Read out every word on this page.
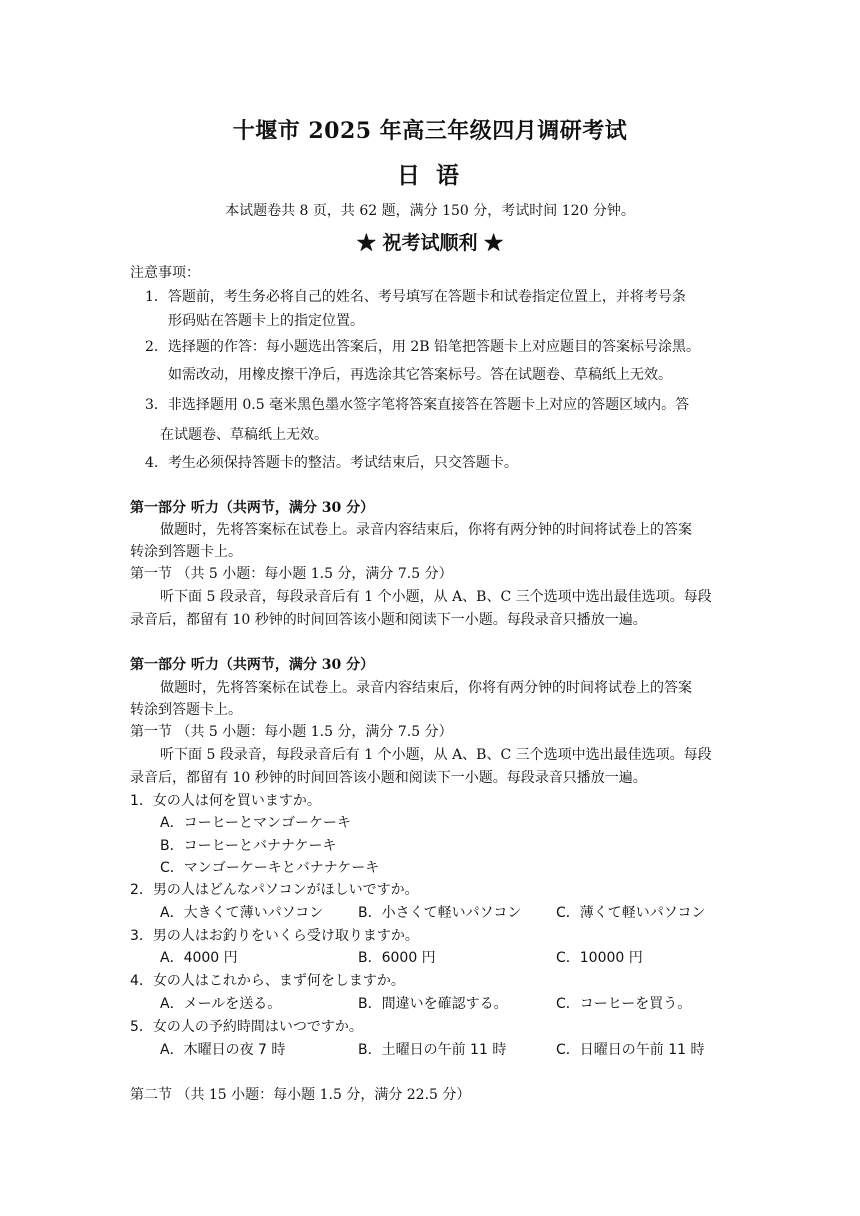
十堰市 2025 年高三年级四月调研考试
日 语
本试题卷共 8 页，共 62 题，满分 150 分，考试时间 120 分钟。
★ 祝考试顺利 ★
注意事项：
1．答题前，考生务必将自己的姓名、考号填写在答题卡和试卷指定位置上，并将考号条
形码贴在答题卡上的指定位置。
2．选择题的作答：每小题选出答案后，用 2B 铅笔把答题卡上对应题目的答案标号涂黑。
如需改动，用橡皮擦干净后，再选涂其它答案标号。答在试题卷、草稿纸上无效。
3．非选择题用 0.5 毫米黑色墨水签字笔将答案直接答在答题卡上对应的答题区域内。答
在试题卷、草稿纸上无效。
4．考生必须保持答题卡的整洁。考试结束后，只交答题卡。
第一部分 听力（共两节，满分 30 分）
做题时，先将答案标在试卷上。录音内容结束后，你将有两分钟的时间将试卷上的答案
转涂到答题卡上。
第一节 （共 5 小题：每小题 1.5 分，满分 7.5 分）
听下面 5 段录音，每段录音后有 1 个小题，从 A、B、C 三个选项中选出最佳选项。每段
录音后，都留有 10 秒钟的时间回答该小题和阅读下一小题。每段录音只播放一遍。
第一部分 听力（共两节，满分 30 分）
做题时，先将答案标在试卷上。录音内容结束后，你将有两分钟的时间将试卷上的答案
转涂到答题卡上。
第一节 （共 5 小题：每小题 1.5 分，满分 7.5 分）
听下面 5 段录音，每段录音后有 1 个小题，从 A、B、C 三个选项中选出最佳选项。每段
录音后，都留有 10 秒钟的时间回答该小题和阅读下一小题。每段录音只播放一遍。
1．女の人は何を買いますか。
A．コーヒーとマンゴーケーキ
B．コーヒーとバナナケーキ
C．マンゴーケーキとバナナケーキ
2．男の人はどんなパソコンがほしいですか。
A．大きくて薄いパソコン B．小さくて軽いパソコン C．薄くて軽いパソコン
3．男の人はお釣りをいくら受け取りますか。
A．4000 円	B．6000 円	C．10000 円
4．女の人はこれから、まず何をしますか。
A．メールを送る。	B．間違いを確認する。	C．コーヒーを買う。
5．女の人の予約時間はいつですか。
A．木曜日の夜 7 時	B．土曜日の午前 11 時	C．日曜日の午前 11 時
第二节 （共 15 小题：每小题 1.5 分，满分 22.5 分）
